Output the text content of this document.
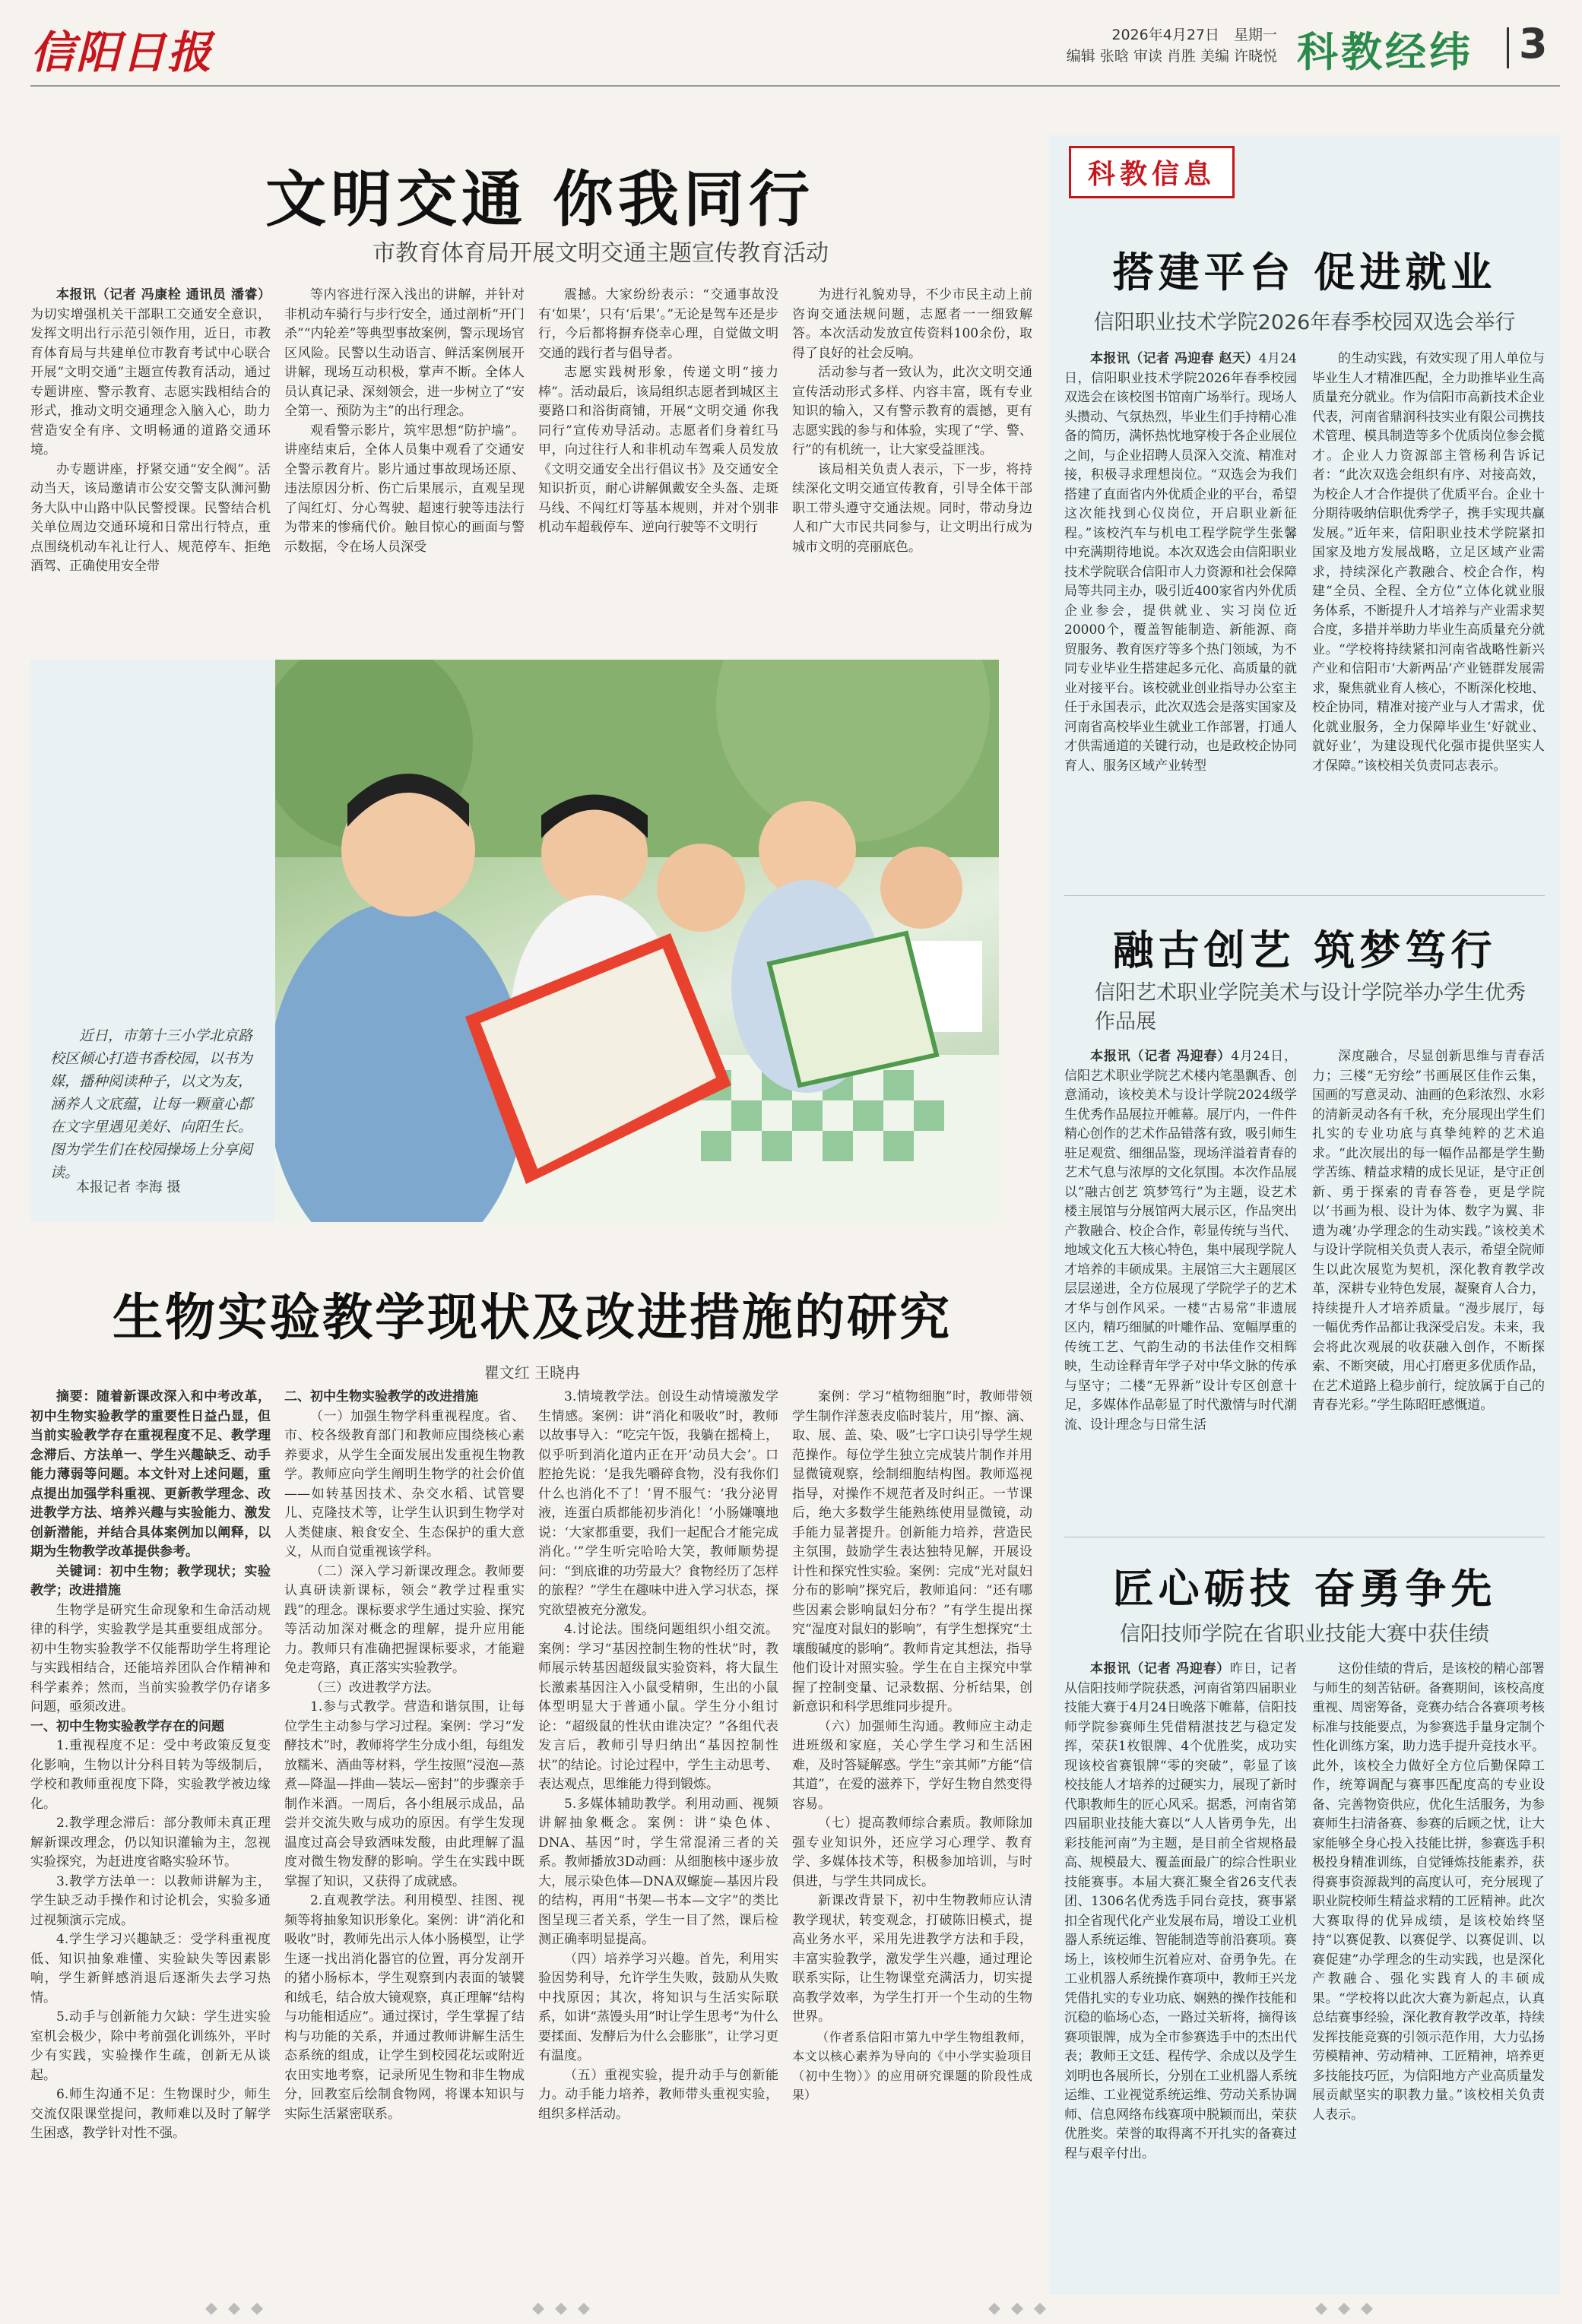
信阳日报	2026年4月27日　星期一
编辑 张晗 审读 肖胜 美编 许晓悦 科教经纬 3
文明交通 你我同行
市教育体育局开展文明交通主题宣传教育活动

本报讯（记者 冯康栓 通讯员 潘睿）为切实增强机关干部职工交通安全意识，发挥文明出行示范引领作用，近日，市教育体育局与共建单位市教育考试中心联合开展“文明交通”主题宣传教育活动，通过专题讲座、警示教育、志愿实践相结合的形式，推动文明交通理念入脑入心，助力营造安全有序、文明畅通的道路交通环境。

办专题讲座，抒紧交通“安全阀”。活动当天，该局邀请市公安交警支队浉河勤务大队中山路中队民警授课。民警结合机关单位周边交通环境和日常出行特点，重点围绕机动车礼让行人、规范停车、拒绝酒驾、正确使用安全带

等内容进行深入浅出的讲解，并针对非机动车骑行与步行安全，通过剖析“开门杀”“内轮差”等典型事故案例，警示现场官区风险。民警以生动语言、鲜活案例展开讲解，现场互动积极，掌声不断。全体人员认真记录、深刻领会，进一步树立了“安全第一、预防为主”的出行理念。

观看警示影片，筑牢思想“防护墙”。讲座结束后，全体人员集中观看了交通安全警示教育片。影片通过事故现场还原、违法原因分析、伤亡后果展示，直观呈现了闯红灯、分心驾驶、超速行驶等违法行为带来的惨痛代价。触目惊心的画面与警示数据，令在场人员深受

震撼。大家纷纷表示：“交通事故没有‘如果’，只有‘后果’。”无论是驾车还是步行，今后都将摒弃侥幸心理，自觉做文明交通的践行者与倡导者。

志愿实践树形象，传递文明“接力棒”。活动最后，该局组织志愿者到城区主要路口和浴街商铺，开展“文明交通 你我同行”宣传劝导活动。志愿者们身着红马甲，向过往行人和非机动车驾乘人员发放《文明交通安全出行倡议书》及交通安全知识折页，耐心讲解佩戴安全头盔、走斑马线、不闯红灯等基本规则，并对个别非机动车超载停车、逆向行驶等不文明行

为进行礼貌劝导，不少市民主动上前咨询交通法规问题，志愿者一一细致解答。本次活动发放宣传资料100余份，取得了良好的社会反响。

活动参与者一致认为，此次文明交通宣传活动形式多样、内容丰富，既有专业知识的输入，又有警示教育的震撼，更有志愿实践的参与和体验，实现了“学、警、行”的有机统一，让大家受益匪浅。

该局相关负责人表示，下一步，将持续深化文明交通宣传教育，引导全体干部职工带头遵守交通法规。同时，带动身边人和广大市民共同参与，让文明出行成为城市文明的亮丽底色。

近日，市第十三小学北京路校区倾心打造书香校园，以书为媒，播种阅读种子，以文为友，涵养人文底蕴，让每一颗童心都在文字里遇见美好、向阳生长。图为学生们在校园操场上分享阅读。
本报记者 李海 摄
生物实验教学现状及改进措施的研究
瞿文红 王晓冉

摘要：随着新课改深入和中考改革，初中生物实验教学的重要性日益凸显，但当前实验教学存在重视程度不足、教学理念滞后、方法单一、学生兴趣缺乏、动手能力薄弱等问题。本文针对上述问题，重点提出加强学科重视、更新教学理念、改进教学方法、培养兴趣与实验能力、激发创新潜能，并结合具体案例加以阐释，以期为生物教学改革提供参考。

关键词：初中生物；教学现状；实验教学；改进措施

生物学是研究生命现象和生命活动规律的科学，实验教学是其重要组成部分。初中生物实验教学不仅能帮助学生将理论与实践相结合，还能培养团队合作精神和科学素养；然而，当前实验教学仍存诸多问题，亟须改进。

一、初中生物实验教学存在的问题

1.重视程度不足：受中考政策反复变化影响，生物以计分科目转为等级制后，学校和教师重视度下降，实验教学被边缘化。

2.教学理念滞后：部分教师未真正理解新课改理念，仍以知识灌输为主，忽视实验探究，为赶进度省略实验环节。

3.教学方法单一：以教师讲解为主，学生缺乏动手操作和讨论机会，实验多通过视频演示完成。

4.学生学习兴趣缺乏：受学科重视度低、知识抽象难懂、实验缺失等因素影响，学生新鲜感消退后逐渐失去学习热情。

5.动手与创新能力欠缺：学生进实验室机会极少，除中考前强化训练外，平时少有实践，实验操作生疏，创新无从谈起。

6.师生沟通不足：生物课时少，师生交流仅限课堂提问，教师难以及时了解学生困惑，教学针对性不强。

二、初中生物实验教学的改进措施

（一）加强生物学科重视程度。省、市、校各级教育部门和教师应围绕核心素养要求，从学生全面发展出发重视生物教学。教师应向学生阐明生物学的社会价值——如转基因技术、杂交水稻、试管婴儿、克隆技术等，让学生认识到生物学对人类健康、粮食安全、生态保护的重大意义，从而自觉重视该学科。

（二）深入学习新课改理念。教师要认真研读新课标，领会“教学过程重实践”的理念。课标要求学生通过实验、探究等活动加深对概念的理解，提升应用能力。教师只有准确把握课标要求，才能避免走弯路，真正落实实验教学。

（三）改进教学方法。

1.参与式教学。营造和谐氛围，让每位学生主动参与学习过程。案例：学习“发酵技术”时，教师将学生分成小组，每组发放糯米、酒曲等材料，学生按照“浸泡—蒸煮—降温—拌曲—装坛—密封”的步骤亲手制作米酒。一周后，各小组展示成品，品尝并交流失败与成功的原因。有学生发现温度过高会导致酒味发酸，由此理解了温度对微生物发酵的影响。学生在实践中既掌握了知识，又获得了成就感。

2.直观教学法。利用模型、挂图、视频等将抽象知识形象化。案例：讲“消化和吸收”时，教师先出示人体小肠模型，让学生逐一找出消化器官的位置，再分发剖开的猪小肠标本，学生观察到内表面的皱襞和绒毛，结合放大镜观察，真正理解“结构与功能相适应”。通过探讨，学生掌握了结构与功能的关系，并通过教师讲解生活生态系统的组成，让学生到校园花坛或附近农田实地考察，记录所见生物和非生物成分，回教室后绘制食物网，将课本知识与实际生活紧密联系。

3.情境教学法。创设生动情境激发学生情感。案例：讲“消化和吸收”时，教师以故事导入：“吃完午饭，我躺在摇椅上，似乎听到消化道内正在开‘动员大会’。口腔抢先说：‘是我先嚼碎食物，没有我你们什么也消化不了！’胃不服气：‘我分泌胃液，连蛋白质都能初步消化！’小肠嫌嚷地说：‘大家都重要，我们一起配合才能完成消化。’”学生听完哈哈大笑，教师顺势提问：“到底谁的功劳最大？食物经历了怎样的旅程？”学生在趣味中进入学习状态，探究欲望被充分激发。

4.讨论法。围绕问题组织小组交流。案例：学习“基因控制生物的性状”时，教师展示转基因超级鼠实验资料，将大鼠生长激素基因注入小鼠受精卵，生出的小鼠体型明显大于普通小鼠。学生分小组讨论：“超级鼠的性状由谁决定？”各组代表发言后，教师引导归纳出“基因控制性状”的结论。讨论过程中，学生主动思考、表达观点，思维能力得到锻炼。

5.多媒体辅助教学。利用动画、视频讲解抽象概念。案例：讲“染色体、DNA、基因”时，学生常混淆三者的关系。教师播放3D动画：从细胞核中逐步放大，展示染色体—DNA双螺旋—基因片段的结构，再用“书架—书本—文字”的类比图呈现三者关系，学生一目了然，课后检测正确率明显提高。

（四）培养学习兴趣。首先，利用实验因势利导，允许学生失败，鼓励从失败中找原因；其次，将知识与生活实际联系，如讲“蒸馒头用”时让学生思考“为什么要揉面、发酵后为什么会膨胀”，让学习更有温度。

（五）重视实验，提升动手与创新能力。动手能力培养，教师带头重视实验，组织多样活动。

案例：学习“植物细胞”时，教师带领学生制作洋葱表皮临时装片，用“擦、滴、取、展、盖、染、吸”七字口诀引导学生规范操作。每位学生独立完成装片制作并用显微镜观察，绘制细胞结构图。教师巡视指导，对操作不规范者及时纠正。一节课后，绝大多数学生能熟练使用显微镜，动手能力显著提升。创新能力培养，营造民主氛围，鼓励学生表达独特见解，开展设计性和探究性实验。案例：完成“光对鼠妇分布的影响”探究后，教师追问：“还有哪些因素会影响鼠妇分布？”有学生提出探究“湿度对鼠妇的影响”，有学生想探究“土壤酸碱度的影响”。教师肯定其想法，指导他们设计对照实验。学生在自主探究中掌握了控制变量、记录数据、分析结果，创新意识和科学思维同步提升。

（六）加强师生沟通。教师应主动走进班级和家庭，关心学生学习和生活困难，及时答疑解惑。学生“亲其师”方能“信其道”，在爱的滋养下，学好生物自然变得容易。

（七）提高教师综合素质。教师除加强专业知识外，还应学习心理学、教育学、多媒体技术等，积极参加培训，与时俱进，与学生共同成长。

新课改背景下，初中生物教师应认清教学现状，转变观念，打破陈旧模式，提高业务水平，采用先进教学方法和手段，丰富实验教学，激发学生兴趣，通过理论联系实际，让生物课堂充满活力，切实提高教学效率，为学生打开一个生动的生物世界。

（作者系信阳市第九中学生物组教师，本文以核心素养为导向的《中小学实验项目（初中生物）》的应用研究课题的阶段性成果）

科教信息
搭建平台 促进就业
信阳职业技术学院2026年春季校园双选会举行

本报讯（记者 冯迎春 赵天）4月24日，信阳职业技术学院2026年春季校园双选会在该校图书馆南广场举行。现场人头攒动、气氛热烈，毕业生们手持精心准备的简历，满怀热忱地穿梭于各企业展位之间，与企业招聘人员深入交流、精准对接，积极寻求理想岗位。“双选会为我们搭建了直面省内外优质企业的平台，希望这次能找到心仪岗位，开启职业新征程。”该校汽车与机电工程学院学生张馨中充满期待地说。本次双选会由信阳职业技术学院联合信阳市人力资源和社会保障局等共同主办，吸引近400家省内外优质企业参会，提供就业、实习岗位近20000个，覆盖智能制造、新能源、商贸服务、教育医疗等多个热门领域，为不同专业毕业生搭建起多元化、高质量的就业对接平台。该校就业创业指导办公室主任于永国表示，此次双选会是落实国家及河南省高校毕业生就业工作部署，打通人才供需通道的关键行动，也是政校企协同育人、服务区域产业转型

的生动实践，有效实现了用人单位与毕业生人才精准匹配，全力助推毕业生高质量充分就业。作为信阳市高新技术企业代表，河南省鼎润科技实业有限公司携技术管理、模具制造等多个优质岗位参会揽才。企业人力资源部主管杨利告诉记者：“此次双选会组织有序、对接高效，为校企人才合作提供了优质平台。企业十分期待吸纳信职优秀学子，携手实现共赢发展。”近年来，信阳职业技术学院紧扣国家及地方发展战略，立足区域产业需求，持续深化产教融合、校企合作，构建“全员、全程、全方位”立体化就业服务体系，不断提升人才培养与产业需求契合度，多措并举助力毕业生高质量充分就业。“学校将持续紧扣河南省战略性新兴产业和信阳市‘大新两品’产业链群发展需求，聚焦就业育人核心，不断深化校地、校企协同，精准对接产业与人才需求，优化就业服务，全力保障毕业生‘好就业、就好业’，为建设现代化强市提供坚实人才保障。”该校相关负责同志表示。

融古创艺 筑梦笃行
信阳艺术职业学院美术与设计学院举办学生优秀作品展

本报讯（记者 冯迎春）4月24日，信阳艺术职业学院艺术楼内笔墨飘香、创意涌动，该校美术与设计学院2024级学生优秀作品展拉开帷幕。展厅内，一件件精心创作的艺术作品错落有致，吸引师生驻足观赏、细细品鉴，现场洋溢着青春的艺术气息与浓厚的文化氛围。本次作品展以“融古创艺 筑梦笃行”为主题，设艺术楼主展馆与分展馆两大展示区，作品突出产教融合、校企合作，彰显传统与当代、地域文化五大核心特色，集中展现学院人才培养的丰硕成果。主展馆三大主题展区层层递进，全方位展现了学院学子的艺术才华与创作风采。一楼“古易常”非遗展区内，精巧细腻的叶雕作品、宽幅厚重的传统工艺、气韵生动的书法佳作交相辉映，生动诠释青年学子对中华文脉的传承与坚守；二楼“无界新”设计专区创意十足，多媒体作品彰显了时代激情与时代潮流、设计理念与日常生活

深度融合，尽显创新思维与青春活力；三楼“无穷绘”书画展区佳作云集，国画的写意灵动、油画的色彩浓烈、水彩的清新灵动各有千秋，充分展现出学生们扎实的专业功底与真挚纯粹的艺术追求。“此次展出的每一幅作品都是学生勤学苦练、精益求精的成长见证，是守正创新、勇于探索的青春答卷，更是学院以‘书画为根、设计为体、数字为翼、非遗为魂’办学理念的生动实践。”该校美术与设计学院相关负责人表示，希望全院师生以此次展览为契机，深化教育教学改革，深耕专业特色发展，凝聚育人合力，持续提升人才培养质量。“漫步展厅，每一幅优秀作品都让我深受启发。未来，我会将此次观展的收获融入创作，不断探索、不断突破，用心打磨更多优质作品，在艺术道路上稳步前行，绽放属于自己的青春光彩。”学生陈昭旺感慨道。

匠心砺技 奋勇争先
信阳技师学院在省职业技能大赛中获佳绩

本报讯（记者 冯迎春）昨日，记者从信阳技师学院获悉，河南省第四届职业技能大赛于4月24日晚落下帷幕，信阳技师学院参赛师生凭借精湛技艺与稳定发挥，荣获1枚银牌、4个优胜奖，成功实现该校省赛银牌“零的突破”，彰显了该校技能人才培养的过硬实力，展现了新时代职教师生的匠心风采。据悉，河南省第四届职业技能大赛以“人人皆勇争先，出彩技能河南”为主题，是目前全省规格最高、规模最大、覆盖面最广的综合性职业技能赛事。本届大赛汇聚全省26支代表团、1306名优秀选手同台竞技，赛事紧扣全省现代化产业发展布局，增设工业机器人系统运维、智能制造等前沿赛项。赛场上，该校师生沉着应对、奋勇争先。在工业机器人系统操作赛项中，教师王兴龙凭借扎实的专业功底、娴熟的操作技能和沉稳的临场心态，一路过关斩将，摘得该赛项银牌，成为全市参赛选手中的杰出代表；教师王文廷、程传学、余成以及学生刘明也各展所长，分别在工业机器人系统运维、工业视觉系统运维、劳动关系协调师、信息网络布线赛项中脱颖而出，荣获优胜奖。荣誉的取得离不开扎实的备赛过程与艰辛付出。

这份佳绩的背后，是该校的精心部署与师生的刻苦钻研。备赛期间，该校高度重视、周密筹备，竞赛办结合各赛项考核标准与技能要点，为参赛选手量身定制个性化训练方案，助力选手提升竞技水平。此外，该校全力做好全方位后勤保障工作，统筹调配与赛事匹配度高的专业设备、完善物资供应，优化生活服务，为参赛师生扫清备赛、参赛的后顾之忧，让大家能够全身心投入技能比拼，参赛选手积极投身精准训练，自觉锤炼技能素养，获得赛事资源裁判的高度认可，充分展现了职业院校师生精益求精的工匠精神。此次大赛取得的优异成绩，是该校始终坚持“以赛促教、以赛促学、以赛促训、以赛促建”办学理念的生动实践，也是深化产教融合、强化实践育人的丰硕成果。“学校将以此次大赛为新起点，认真总结赛事经验，深化教育教学改革，持续发挥技能竞赛的引领示范作用，大力弘扬劳模精神、劳动精神、工匠精神，培养更多技能技巧匠，为信阳地方产业高质量发展贡献坚实的职教力量。”该校相关负责人表示。
